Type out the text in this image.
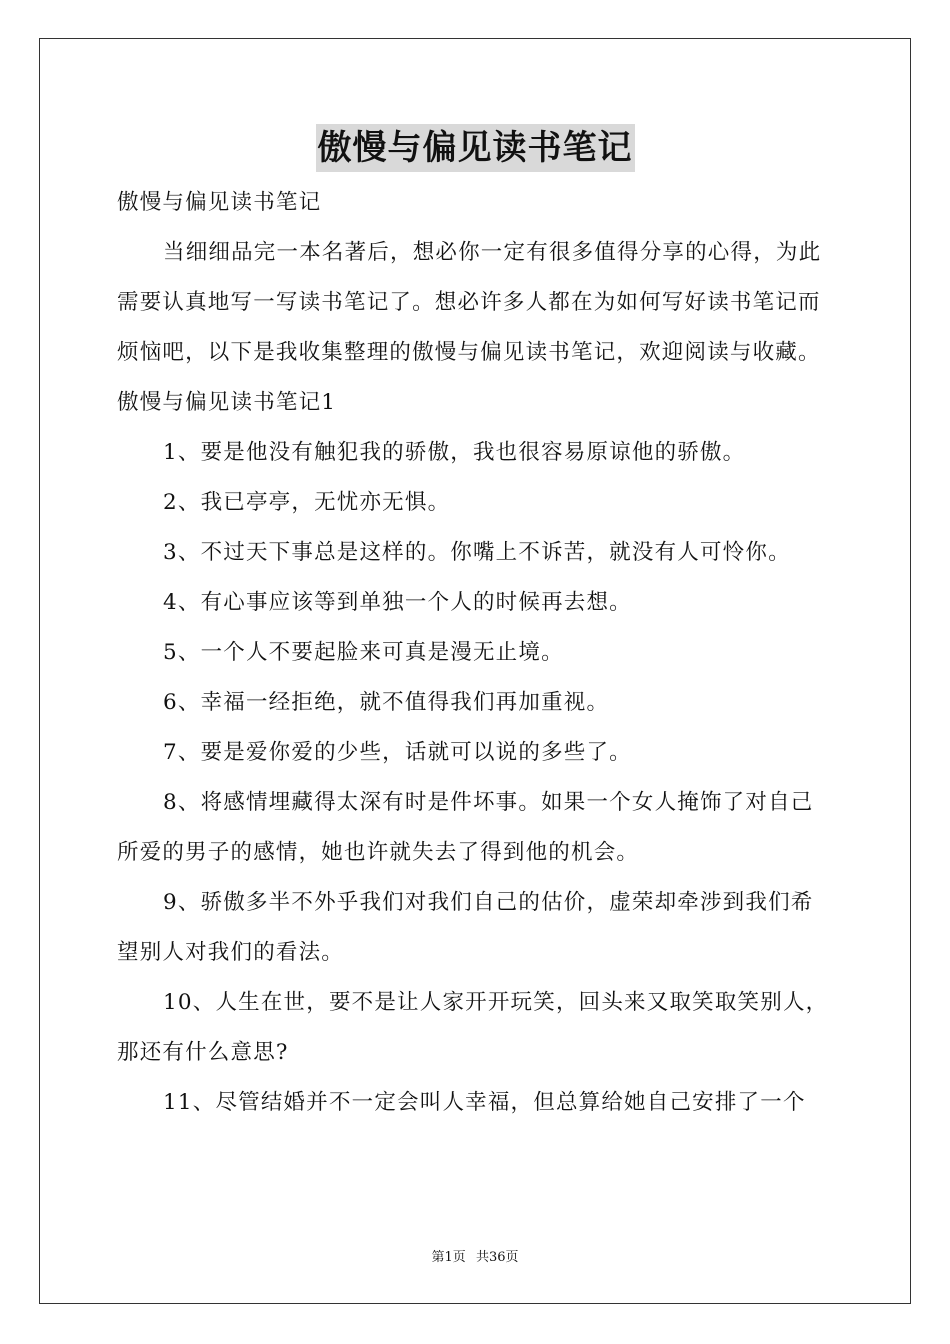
傲慢与偏见读书笔记
傲慢与偏见读书笔记

当细细品完一本名著后，想必你一定有很多值得分享的心得，为此需要认真地写一写读书笔记了。想必许多人都在为如何写好读书笔记而烦恼吧，以下是我收集整理的傲慢与偏见读书笔记，欢迎阅读与收藏。

傲慢与偏见读书笔记1

1、要是他没有触犯我的骄傲，我也很容易原谅他的骄傲。

2、我已亭亭，无忧亦无惧。

3、不过天下事总是这样的。你嘴上不诉苦，就没有人可怜你。

4、有心事应该等到单独一个人的时候再去想。

5、一个人不要起脸来可真是漫无止境。

6、幸福一经拒绝，就不值得我们再加重视。

7、要是爱你爱的少些，话就可以说的多些了。

8、将感情埋藏得太深有时是件坏事。如果一个女人掩饰了对自己所爱的男子的感情，她也许就失去了得到他的机会。

9、骄傲多半不外乎我们对我们自己的估价，虚荣却牵涉到我们希望别人对我们的看法。

10、人生在世，要不是让人家开开玩笑，回头来又取笑取笑别人，那还有什么意思?

11、尽管结婚并不一定会叫人幸福，但总算给她自己安排了一个

第1页 共36页
